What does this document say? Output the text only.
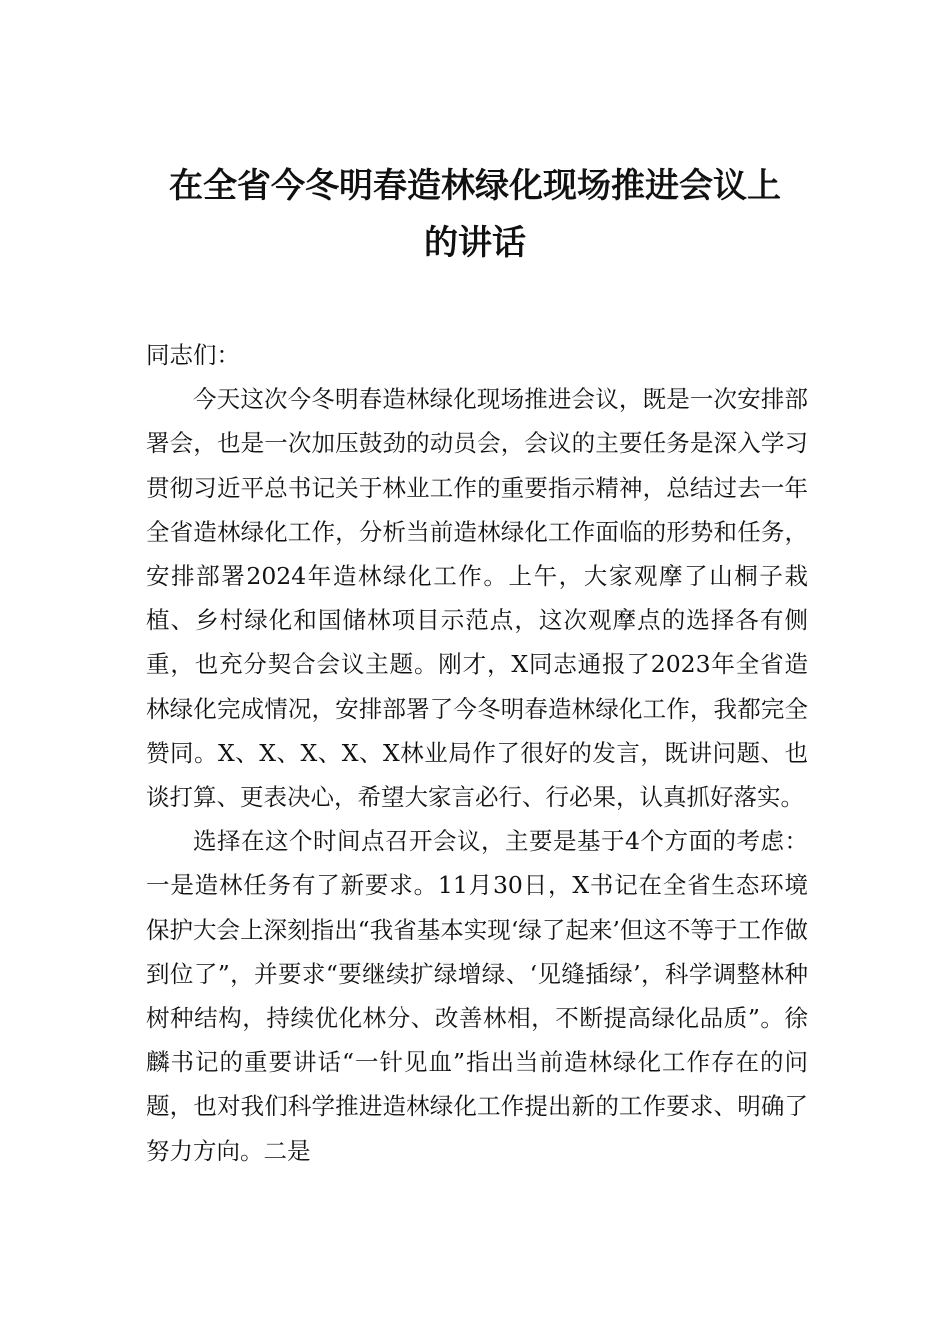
在全省今冬明春造林绿化现场推进会议上
的讲话

同志们：

今天这次今冬明春造林绿化现场推进会议，既是一次安排部署会，也是一次加压鼓劲的动员会，会议的主要任务是深入学习贯彻习近平总书记关于林业工作的重要指示精神，总结过去一年全省造林绿化工作，分析当前造林绿化工作面临的形势和任务，安排部署2024年造林绿化工作。上午，大家观摩了山桐子栽植、乡村绿化和国储林项目示范点，这次观摩点的选择各有侧重，也充分契合会议主题。刚才，X同志通报了2023年全省造林绿化完成情况，安排部署了今冬明春造林绿化工作，我都完全赞同。X、X、X、X、X林业局作了很好的发言，既讲问题、也谈打算、更表决心，希望大家言必行、行必果，认真抓好落实。

选择在这个时间点召开会议，主要是基于4个方面的考虑：一是造林任务有了新要求。11月30日，X书记在全省生态环境保护大会上深刻指出“我省基本实现‘绿了起来’但这不等于工作做到位了”，并要求“要继续扩绿增绿、‘见缝插绿’，科学调整林种树种结构，持续优化林分、改善林相，不断提高绿化品质”。徐麟书记的重要讲话“一针见血”指出当前造林绿化工作存在的问题，也对我们科学推进造林绿化工作提出新的工作要求、明确了努力方向。二是
